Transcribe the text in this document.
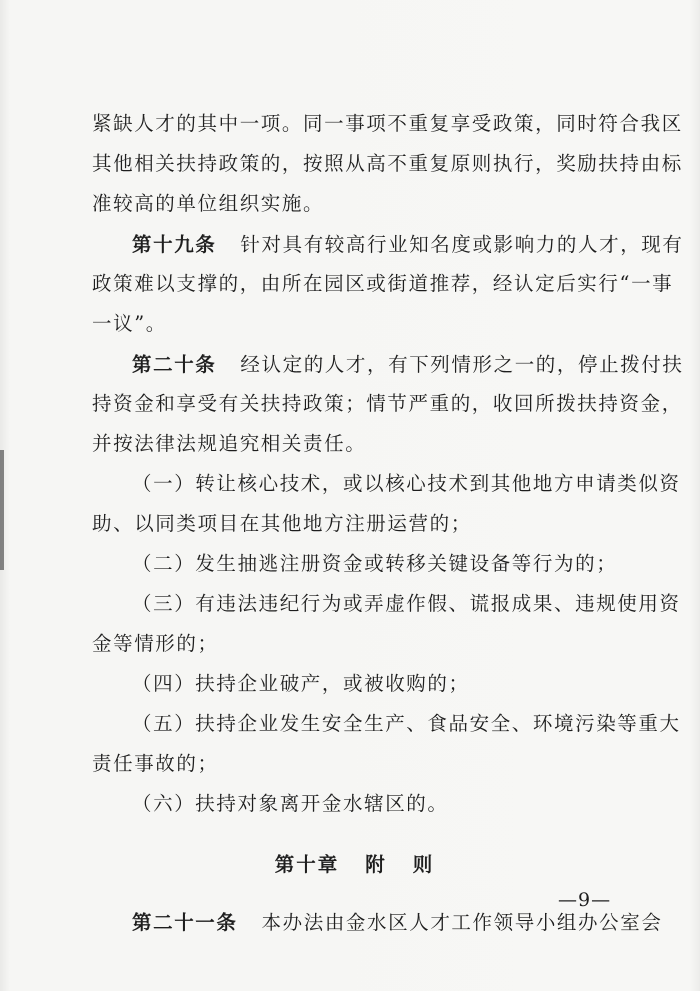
紧缺人才的其中一项。同一事项不重复享受政策，同时符合我区
其他相关扶持政策的，按照从高不重复原则执行，奖励扶持由标
准较高的单位组织实施。
第十九条 针对具有较高行业知名度或影响力的人才，现有
政策难以支撑的，由所在园区或街道推荐，经认定后实行“一事
一议”。
第二十条 经认定的人才，有下列情形之一的，停止拨付扶
持资金和享受有关扶持政策；情节严重的，收回所拨扶持资金，
并按法律法规追究相关责任。
（一）转让核心技术，或以核心技术到其他地方申请类似资
助、以同类项目在其他地方注册运营的；
（二）发生抽逃注册资金或转移关键设备等行为的；
（三）有违法违纪行为或弄虚作假、谎报成果、违规使用资
金等情形的；
（四）扶持企业破产，或被收购的；
（五）扶持企业发生安全生产、食品安全、环境污染等重大
责任事故的；
（六）扶持对象离开金水辖区的。
第十章 附 则
第二十一条 本办法由金水区人才工作领导小组办公室会
—9—
